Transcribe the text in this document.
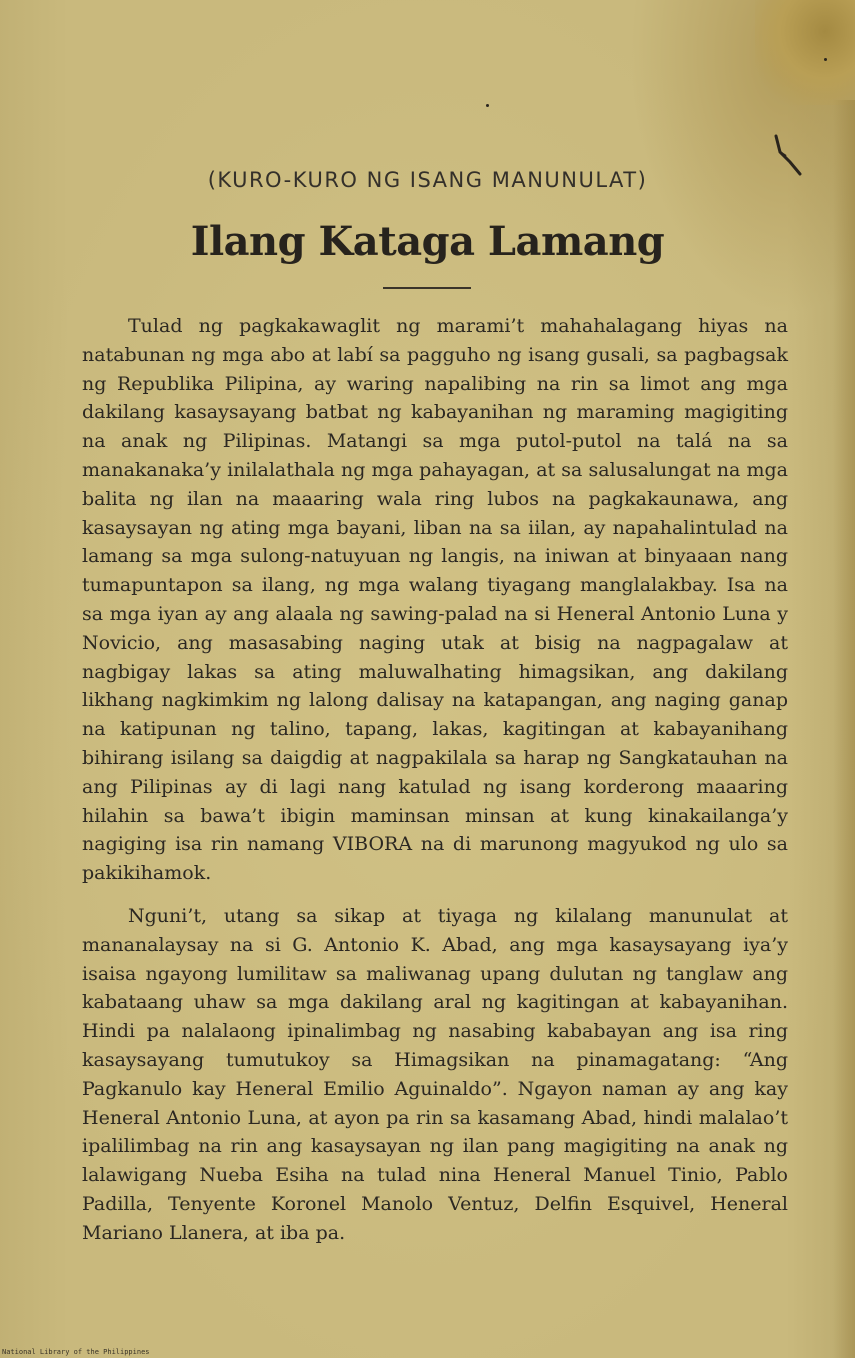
(KURO-KURO NG ISANG MANUNULAT)
Ilang Kataga Lamang

Tulad ng pagkakawaglit ng marami’t mahahalagang hiyas na natabunan ng mga abo at labí sa pagguho ng isang gusali, sa pagbagsak ng Republika Pilipina, ay waring napalibing na rin sa limot ang mga dakilang kasaysayang batbat ng kabayanihan ng maraming magigiting na anak ng Pilipinas. Matangi sa mga putol-putol na talá na sa manakanaka’y inilalathala ng mga pahayagan, at sa salusalungat na mga balita ng ilan na maaaring wala ring lubos na pagkakaunawa, ang kasaysayan ng ating mga bayani, liban na sa iilan, ay napahalintulad na lamang sa mga sulong-natuyuan ng langis, na iniwan at binyaaan nang tumapuntapon sa ilang, ng mga walang tiyagang manglalakbay. Isa na sa mga iyan ay ang alaala ng sawing-palad na si Heneral Antonio Luna y Novicio, ang masasabing naging utak at bisig na nagpagalaw at nagbigay lakas sa ating maluwalhating himagsikan, ang dakilang likhang nagkimkim ng lalong dalisay na katapangan, ang naging ganap na katipunan ng talino, tapang, lakas, kagitingan at kabayanihang bihirang isilang sa daigdig at nagpakilala sa harap ng Sangkatauhan na ang Pilipinas ay di lagi nang katulad ng isang korderong maaaring hilahin sa bawa’t ibigin maminsan minsan at kung kinakailanga’y nagiging isa rin namang VIBORA na di marunong magyukod ng ulo sa pakikihamok.

Nguni’t, utang sa sikap at tiyaga ng kilalang manunulat at mananalaysay na si G. Antonio K. Abad, ang mga kasaysayang iya’y isaisa ngayong lumilitaw sa maliwanag upang dulutan ng tanglaw ang kabataang uhaw sa mga dakilang aral ng kagitingan at kabayanihan. Hindi pa nalalaong ipinalimbag ng nasabing kababayan ang isa ring kasaysayang tumutukoy sa Himagsikan na pinamagatang: “Ang Pagkanulo kay Heneral Emilio Aguinaldo”. Ngayon naman ay ang kay Heneral Antonio Luna, at ayon pa rin sa kasamang Abad, hindi malalao’t ipalilimbag na rin ang kasaysayan ng ilan pang magigiting na anak ng lalawigang Nueba Esiha na tulad nina Heneral Manuel Tinio, Pablo Padilla, Tenyente Koronel Manolo Ventuz, Delfin Esquivel, Heneral Mariano Llanera, at iba pa.

National Library of the Philippines
